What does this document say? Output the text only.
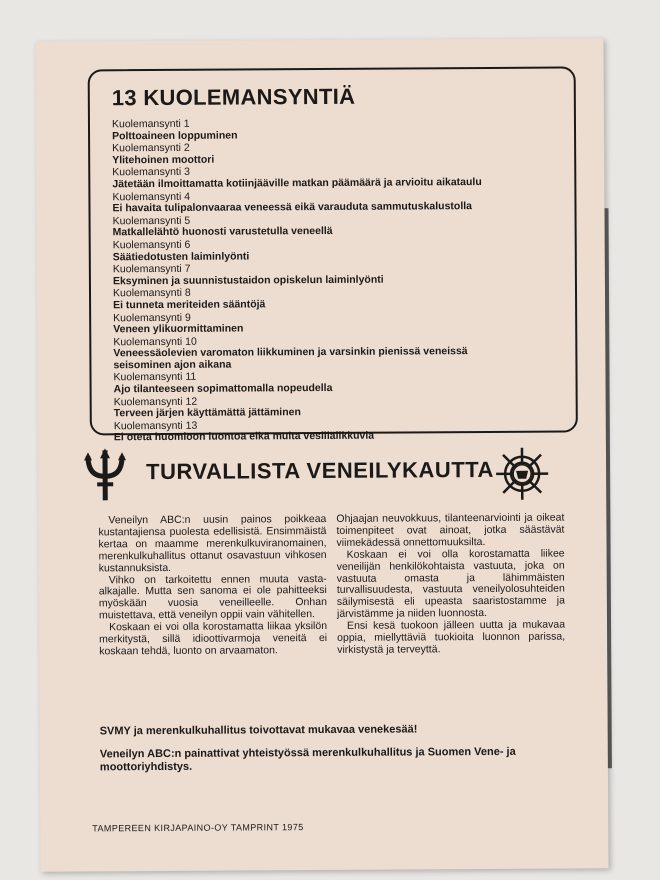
13 KUOLEMANSYNTIÄ
Kuolemansynti 1
Polttoaineen loppuminen
Kuolemansynti 2
Ylitehoinen moottori
Kuolemansynti 3
Jätetään ilmoittamatta kotiinjääville matkan päämäärä ja arvioitu aikataulu
Kuolemansynti 4
Ei havaita tulipalonvaaraa veneessä eikä varauduta sammutuskalustolla
Kuolemansynti 5
Matkallelähtö huonosti varustetulla veneellä
Kuolemansynti 6
Säätiedotusten laiminlyönti
Kuolemansynti 7
Eksyminen ja suunnistustaidon opiskelun laiminlyönti
Kuolemansynti 8
Ei tunneta meriteiden sääntöjä
Kuolemansynti 9
Veneen ylikuormittaminen
Kuolemansynti 10
Veneessäolevien varomaton liikkuminen ja varsinkin pienissä veneissä
seisominen ajon aikana
Kuolemansynti 11
Ajo tilanteeseen sopimattomalla nopeudella
Kuolemansynti 12
Terveen järjen käyttämättä jättäminen
Kuolemansynti 13
Ei oteta huomioon luontoa eikä muita vesillälikkuvia
TURVALLISTA VENEILYKAUTTA

Veneilyn ABC:n uusin painos poikkeaa kustantajiensa puolesta edellisistä. Ensimmäistä kertaa on maamme merenkulkuviranomainen, merenkulkuhallitus ottanut osavastuun vihkosen kustannuksista.

Vihko on tarkoitettu ennen muuta vasta-alkajalle. Mutta sen sanoma ei ole pahitteeksi myöskään vuosia veneilleelle. Onhan muistettava, että veneilyn oppii vain vähitellen.

Koskaan ei voi olla korostamatta liikaa yksilön merkitystä, sillä idioottivarmoja veneitä ei koskaan tehdä, luonto on arvaamaton.

Ohjaajan neuvokkuus, tilanteenarviointi ja oikeat toimenpiteet ovat ainoat, jotka säästävät viimekädessä onnettomuuksilta.

Koskaan ei voi olla korostamatta liikee veneilijän henkilökohtaista vastuuta, joka on vastuuta omasta ja lähimmäisten turvallisuudesta, vastuuta veneilyolosuhteiden säilymisestä eli upeasta saaristostamme ja järvistämme ja niiden luonnosta.

Ensi kesä tuokoon jälleen uutta ja mukavaa oppia, miellyttäviä tuokioita luonnon parissa, virkistystä ja terveyttä.

SVMY ja merenkulkuhallitus toivottavat mukavaa venekesää!

Veneilyn ABC:n painattivat yhteistyössä merenkulkuhallitus ja Suomen Vene- ja moottoriyhdistys.

TAMPEREEN KIRJAPAINO-OY TAMPRINT 1975
